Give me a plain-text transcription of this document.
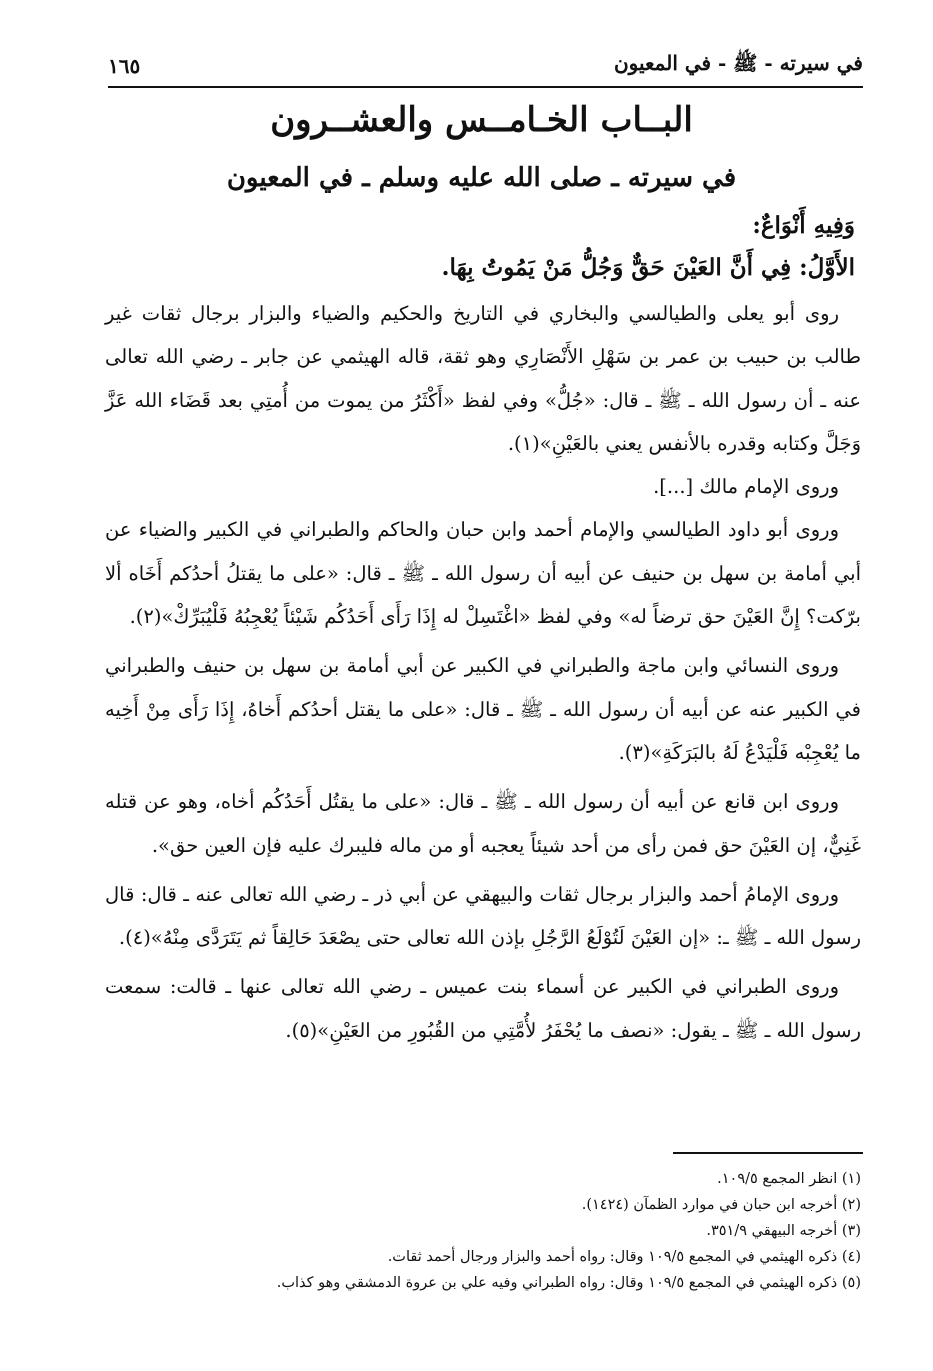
في سيرته - ﷺ - في المعيون
١٦٥
البــاب الخـامــس والعشــرون
في سيرته ـ صلى الله عليه وسلم ـ في المعيون
وَفِيهِ أَنْوَاعٌ:
الأَوَّلُ: فِي أَنَّ العَيْنَ حَقٌّ وَجُلُّ مَنْ يَمُوتُ بِهَا.

روى أبو يعلى والطيالسي والبخاري في التاريخ والحكيم والضياء والبزار برجال ثقات غير طالب بن حبيب بن عمر بن سَهْلِ الأَنْصَارِي وهو ثقة، قاله الهيثمي عن جابر ـ رضي الله تعالى عنه ـ أن رسول الله ـ ﷺ ـ قال: «جُلُّ» وفي لفظ «أَكْثَرُ من يموت من أُمتِي بعد قَضَاء الله عَزَّ وَجَلَّ وكتابه وقدره بالأنفس يعني بالعَيْنِ»(١).

وروى الإمام مالك [...].

وروى أبو داود الطيالسي والإمام أحمد وابن حبان والحاكم والطبراني في الكبير والضياء عن أبي أمامة بن سهل بن حنيف عن أبيه أن رسول الله ـ ﷺ ـ قال: «على ما يقتلُ أحدُكم أَخَاه ألا برّكت؟ إِنَّ العَيْنَ حق ترضاً له» وفي لفظ «اغْتَسِلْ له إِذَا رَأَى أَحَدُكُم شَيْئاً يُعْجِبُهُ فَلْيُبَرِّكْ»(٢).

وروى النسائي وابن ماجة والطبراني في الكبير عن أبي أمامة بن سهل بن حنيف والطبراني في الكبير عنه عن أبيه أن رسول الله ـ ﷺ ـ قال: «على ما يقتل أحدُكم أَخاهُ، إِذَا رَأَى مِنْ أَخِيه ما يُعْجِبْه فَلْيَدْعُ لَهُ بالبَرَكَةِ»(٣).

وروى ابن قانع عن أبيه أن رسول الله ـ ﷺ ـ قال: «على ما يقتُل أَحَدُكُم أخاه، وهو عن قتله غَنِيٌّ، إن العَيْنَ حق فمن رأى من أحد شيئاً يعجبه أو من ماله فليبرك عليه فإن العين حق».

وروى الإمامُ أحمد والبزار برجال ثقات والبيهقي عن أبي ذر ـ رضي الله تعالى عنه ـ قال: قال رسول الله ـ ﷺ ـ: «إن العَيْنَ لَتُوْلَعُ الرَّجُلِ بإذن الله تعالى حتى يصْعَدَ حَالِقاً ثم يَتَرَدَّى مِنْهُ»(٤).

وروى الطبراني في الكبير عن أسماء بنت عميس ـ رضي الله تعالى عنها ـ قالت: سمعت رسول الله ـ ﷺ ـ يقول: «نصف ما يُحْفَرُ لأُمَّتِي من القُبُورِ من العَيْنِ»(٥).

(١) انظر المجمع ١٠٩/٥.
(٢) أخرجه ابن حبان في موارد الظمآن (١٤٢٤).
(٣) أخرجه البيهقي ٣٥١/٩.
(٤) ذكره الهيثمي في المجمع ١٠٩/٥ وقال: رواه أحمد والبزار ورجال أحمد ثقات.
(٥) ذكره الهيثمي في المجمع ١٠٩/٥ وقال: رواه الطبراني وفيه علي بن عروة الدمشقي وهو كذاب.
